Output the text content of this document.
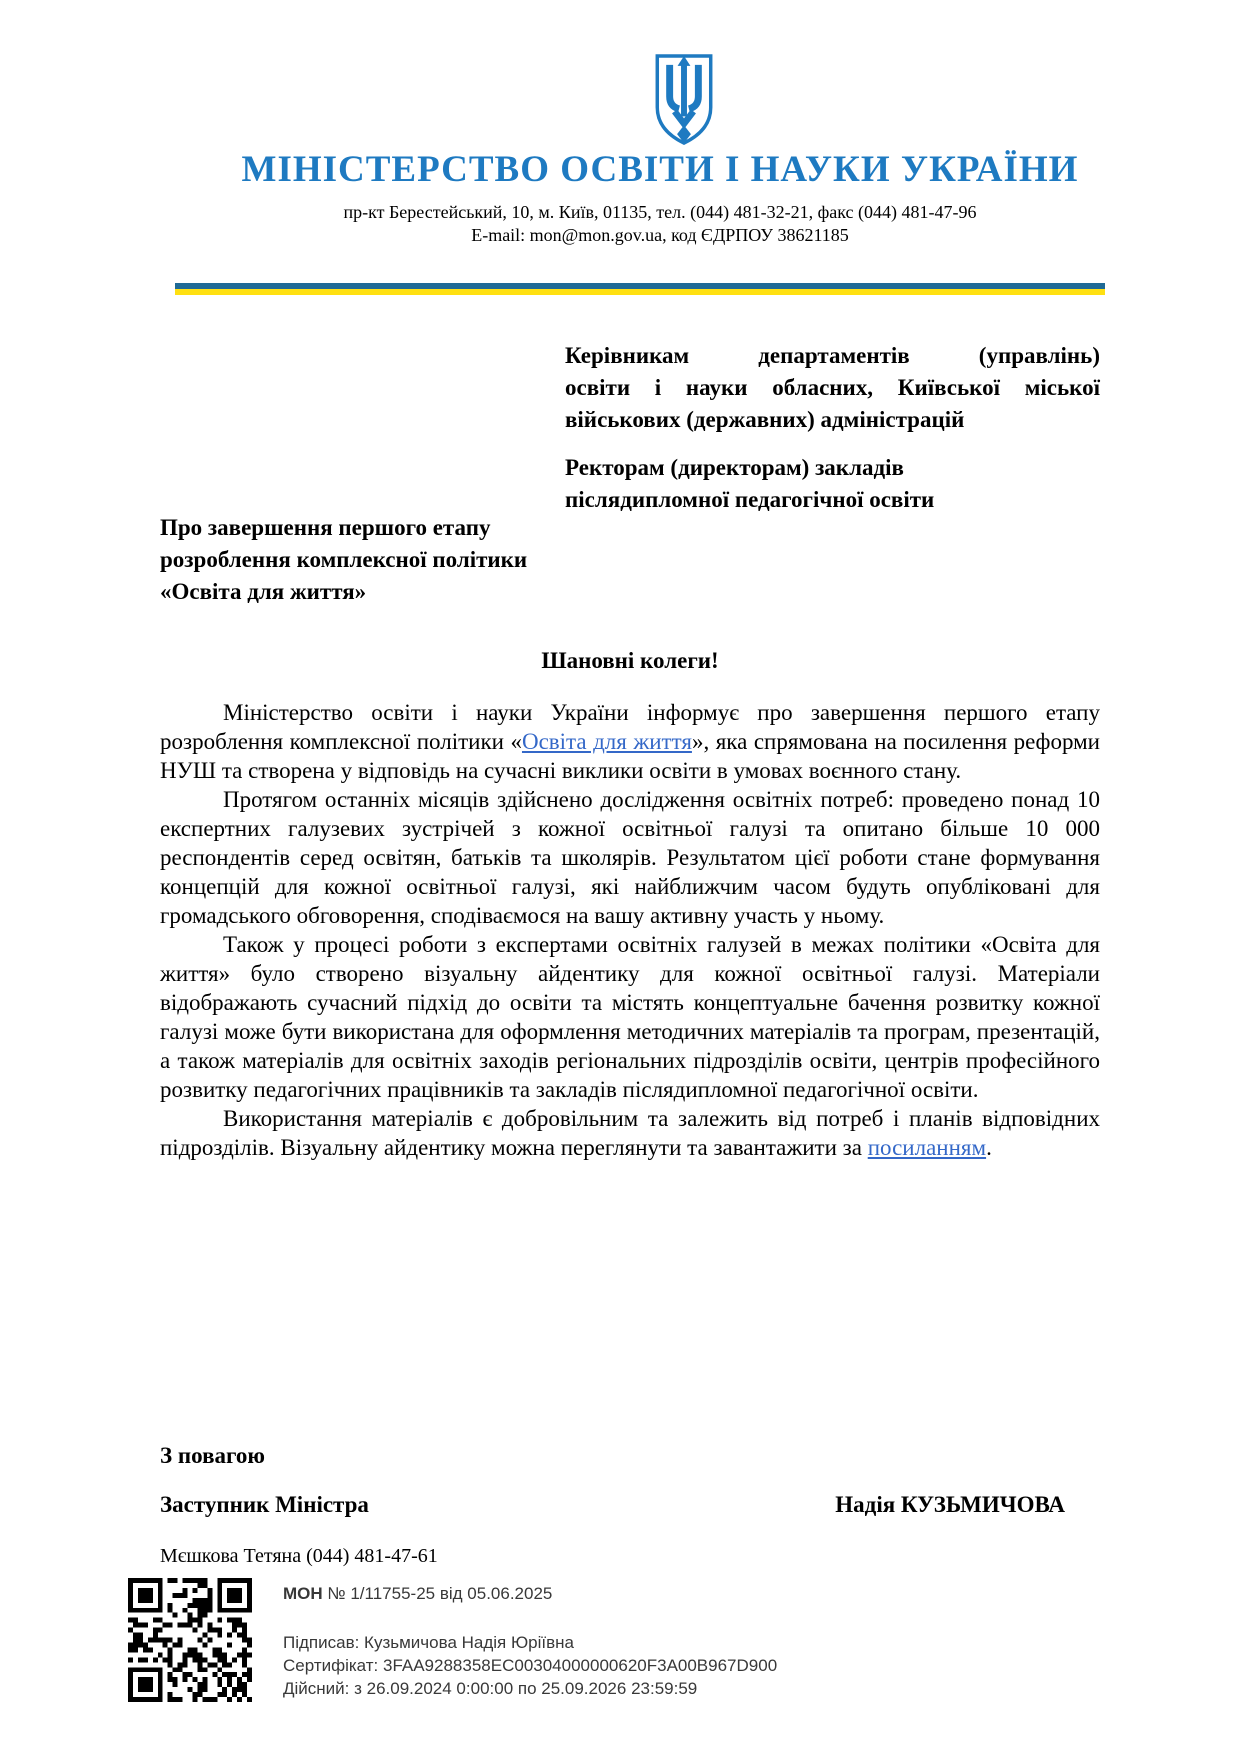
МІНІСТЕРСТВО ОСВІТИ І НАУКИ УКРАЇНИ
пр-кт Берестейський, 10, м. Київ, 01135, тел. (044) 481-32-21, факс (044) 481-47-96
E-mail: mon@mon.gov.ua, код ЄДРПОУ 38621185
Керівникам департаментів (управлінь)
освіти і науки обласних, Київської міської
військових (державних) адміністрацій
Ректорам (директорам) закладів
післядипломної педагогічної освіти
Про завершення першого етапу
розроблення комплексної політики
«Освіта для життя»
Шановні колеги!

Міністерство освіти і науки України інформує про завершення першого етапу розроблення комплексної політики «Освіта для життя», яка спрямована на посилення реформи НУШ та створена у відповідь на сучасні виклики освіти в умовах воєнного стану.

Протягом останніх місяців здійснено дослідження освітніх потреб: проведено понад 10 експертних галузевих зустрічей з кожної освітньої галузі та опитано більше 10 000 респондентів серед освітян, батьків та школярів. Результатом цієї роботи стане формування концепцій для кожної освітньої галузі, які найближчим часом будуть опубліковані для громадського обговорення, сподіваємося на вашу активну участь у ньому.

Також у процесі роботи з експертами освітніх галузей в межах політики «Освіта для життя» було створено візуальну айдентику для кожної освітньої галузі. Матеріали відображають сучасний підхід до освіти та містять концептуальне бачення розвитку кожної галузі може бути використана для оформлення методичних матеріалів та програм, презентацій, а також матеріалів для освітніх заходів регіональних підрозділів освіти, центрів професійного розвитку педагогічних працівників та закладів післядипломної педагогічної освіти.

Використання матеріалів є добровільним та залежить від потреб і планів відповідних підрозділів. Візуальну айдентику можна переглянути та завантажити за посиланням.

З повагою
Заступник Міністра	Надія КУЗЬМИЧОВА
Мєшкова Тетяна (044) 481-47-61
МОН № 1/11755-25 від 05.06.2025
Підписав: Кузьмичова Надія Юріївна
Сертифікат: 3FAA9288358EC00304000000620F3A00B967D900
Дійсний: з 26.09.2024 0:00:00 по 25.09.2026 23:59:59
